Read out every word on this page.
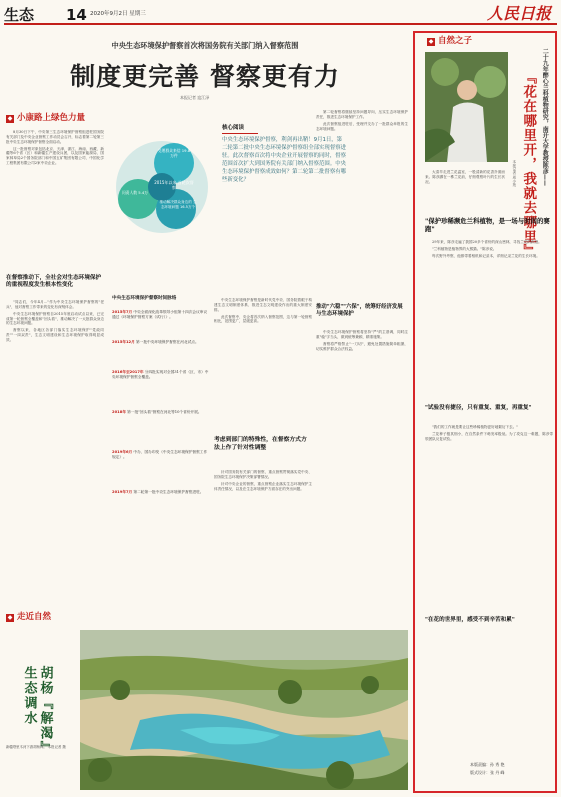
生态 14 2020年9月2日 星期三	人民日报
中央生态环境保护督察首次将国务院有关部门纳入督察范围
制度更完善 督察更有力
本报记者 寇江泽
◆ 小康路上绿色力量

8月30日下午，中央第三生态环境保护督察组进驻国务院有关部门及中央企业督察工作动员会召开，标志着第二轮第三批中央生态环境保护督察全面启动。

这一批督察对象包括北京、天津、浙江、海南、西藏、新疆等6个省（区）和新疆生产建设兵团，以及国家能源局、国家林草局2个国务院部门和中国五矿集团有限公司、中国化学工程集团有限公司2家中央企业。

在督察推动下，全社会对生态环境保护的重视程度发生根本性变化

"同志们，今年4月..."作为中央生态环境保护督察的"老兵"，他对督察工作带来的变化有深刻体会。

中央生态环境保护督察自2015年底启动试点以来，已完成第一轮督察全覆盖和"回头看"，推动解决了一大批群众身边的生态环境问题。

督察以来，各地区各部门落实生态环境保护"党政同责""一岗双责"，生态文明建设和生态环境保护取得明显成效。

2015年以来 首轮次督察
受理群众来信 19.8万件
问责人数 5.4万
推动解决群众身边的 生态环境问题 16.5万个
核心阅读
中央生态环境保护督察，利剑再出鞘！9月1日，第二轮第二批中央生态环境保护督察组全部实现督察进驻。此次督察首次将中央企业开展督察的同时，督察范围首次扩大到国务院有关部门纳入督察范围。中央生态环境保护督察成效如何？第二轮第二批督察有哪些新变化？
中央生态环境保护督察时间脉络
2015年7月 中央全面深化改革领导小组第十四次会议审议通过《环境保护督察方案（试行）》。
2015年12月 第一批中央环境保护督察在河北试点。
2016年至2017年 分四批实现对全国31个省（区、市）中央环境保护督察全覆盖。
2018年 第一批"回头看"督察在河北等10个省份开展。
2019年6月 中办、国办印发《中央生态环境保护督察工作规定》。
2019年7月 第二轮第一批中央生态环境保护督察进驻。

中央生态环境保护督察是新时代党中央、国务院着眼于构建生态文明制度体系、推进生态文明建设作出的重大制度安排。

此次督察中，央企将首次纳入督察范围，这与第一轮督察相比，范围更广，层级更高。

考虑到部门的特殊性，在督察方式方法上作了针对性调整

针对国务院有关部门的督察，重点督察贯彻落实党中央、国务院生态环境保护决策部署情况。

针对中央企业的督察，重点督察企业落实生态环境保护主体责任情况，以及在生态环境保护方面存在的突出问题。

第二轮督察将继续坚持问题导向，压实生态环境保护责任，推进生态环境保护工作。

此次督察组进驻后，受理并交办了一批群众举报的生态环境问题。

推动"六稳""六保"，统筹好经济发展与生态环境保护

中央生态环境保护督察将坚持"严"的主基调，同时注重"稳"字当头，做到统筹兼顾、精准施策。

督察将严格禁止"一刀切"，避免处置措施简单粗暴，切实维护群众合法权益。

◆ 走近自然
胡杨『解渴』
生态调水
新疆塔里木河下游胡杨林。 本报记者 摄
◆ 自然之子
二十九年醉心兰科植物研究，南开大学教授陈彦——
『花在哪里开，我就去哪里』
本报记者 周小苑

大清早走进兰花温室，一股清新的花香扑面而来。陈彦蹲在一株兰花前，仔细观察叶片的生长状况。

"保护珍稀濒危兰科植物，是一场与时间的赛跑"

29年来，陈彦走遍了我国20多个省份的深山密林，寻找兰花的踪迹。

"兰科植物是植物界的大熊猫。"陈彦说。

每次野外考察，他都带着相机和记录本，详细记录兰花的生长环境。

"试验没有捷径，只有重复、重复，再重复"

"我们的工作就是要让这些珍稀植物更好地繁衍下去。"

兰花种子极其细小，在自然条件下萌发率极低。为了攻克这一难题，陈彦带领团队反复试验。

"在花的世界里，感受不到辛苦和累"
本版责编：孙 秀 艳
版式设计：张 丹 峰
